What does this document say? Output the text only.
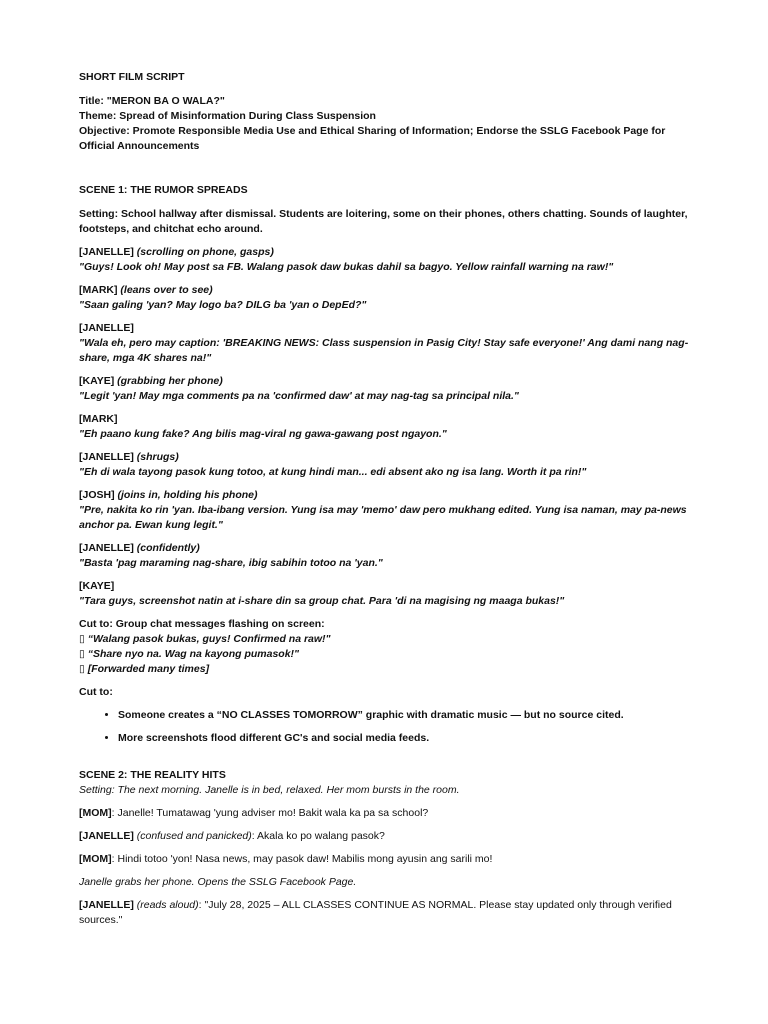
SHORT FILM SCRIPT

Title: "MERON BA O WALA?"

Theme: Spread of Misinformation During Class Suspension

Objective: Promote Responsible Media Use and Ethical Sharing of Information; Endorse the SSLG Facebook Page for Official Announcements

SCENE 1: THE RUMOR SPREADS

Setting: School hallway after dismissal. Students are loitering, some on their phones, others chatting. Sounds of laughter, footsteps, and chitchat echo around.

[JANELLE] (scrolling on phone, gasps)

"Guys! Look oh! May post sa FB. Walang pasok daw bukas dahil sa bagyo. Yellow rainfall warning na raw!"

[MARK] (leans over to see)

"Saan galing 'yan? May logo ba? DILG ba 'yan o DepEd?"

[JANELLE]

"Wala eh, pero may caption: 'BREAKING NEWS: Class suspension in Pasig City! Stay safe everyone!' Ang dami nang nag-share, mga 4K shares na!"

[KAYE] (grabbing her phone)

"Legit 'yan! May mga comments pa na 'confirmed daw' at may nag-tag sa principal nila."

[MARK]

"Eh paano kung fake? Ang bilis mag-viral ng gawa-gawang post ngayon."

[JANELLE] (shrugs)

"Eh di wala tayong pasok kung totoo, at kung hindi man... edi absent ako ng isa lang. Worth it pa rin!"

[JOSH] (joins in, holding his phone)

"Pre, nakita ko rin 'yan. Iba-ibang version. Yung isa may 'memo' daw pero mukhang edited. Yung isa naman, may pa-news anchor pa. Ewan kung legit."

[JANELLE] (confidently)

"Basta 'pag maraming nag-share, ibig sabihin totoo na 'yan."

[KAYE]

"Tara guys, screenshot natin at i-share din sa group chat. Para 'di na magising ng maaga bukas!"

Cut to: Group chat messages flashing on screen:

▯ “Walang pasok bukas, guys! Confirmed na raw!"

▯ “Share nyo na. Wag na kayong pumasok!"

▯ [Forwarded many times]

Cut to:

• Someone creates a “NO CLASSES TOMORROW” graphic with dramatic music — but no source cited.
• More screenshots flood different GC's and social media feeds.

SCENE 2: THE REALITY HITS

Setting: The next morning. Janelle is in bed, relaxed. Her mom bursts in the room.

[MOM]: Janelle! Tumatawag 'yung adviser mo! Bakit wala ka pa sa school?

[JANELLE] (confused and panicked): Akala ko po walang pasok?

[MOM]: Hindi totoo 'yon! Nasa news, may pasok daw! Mabilis mong ayusin ang sarili mo!

Janelle grabs her phone. Opens the SSLG Facebook Page.

[JANELLE] (reads aloud): "July 28, 2025 – ALL CLASSES CONTINUE AS NORMAL. Please stay updated only through verified sources."
